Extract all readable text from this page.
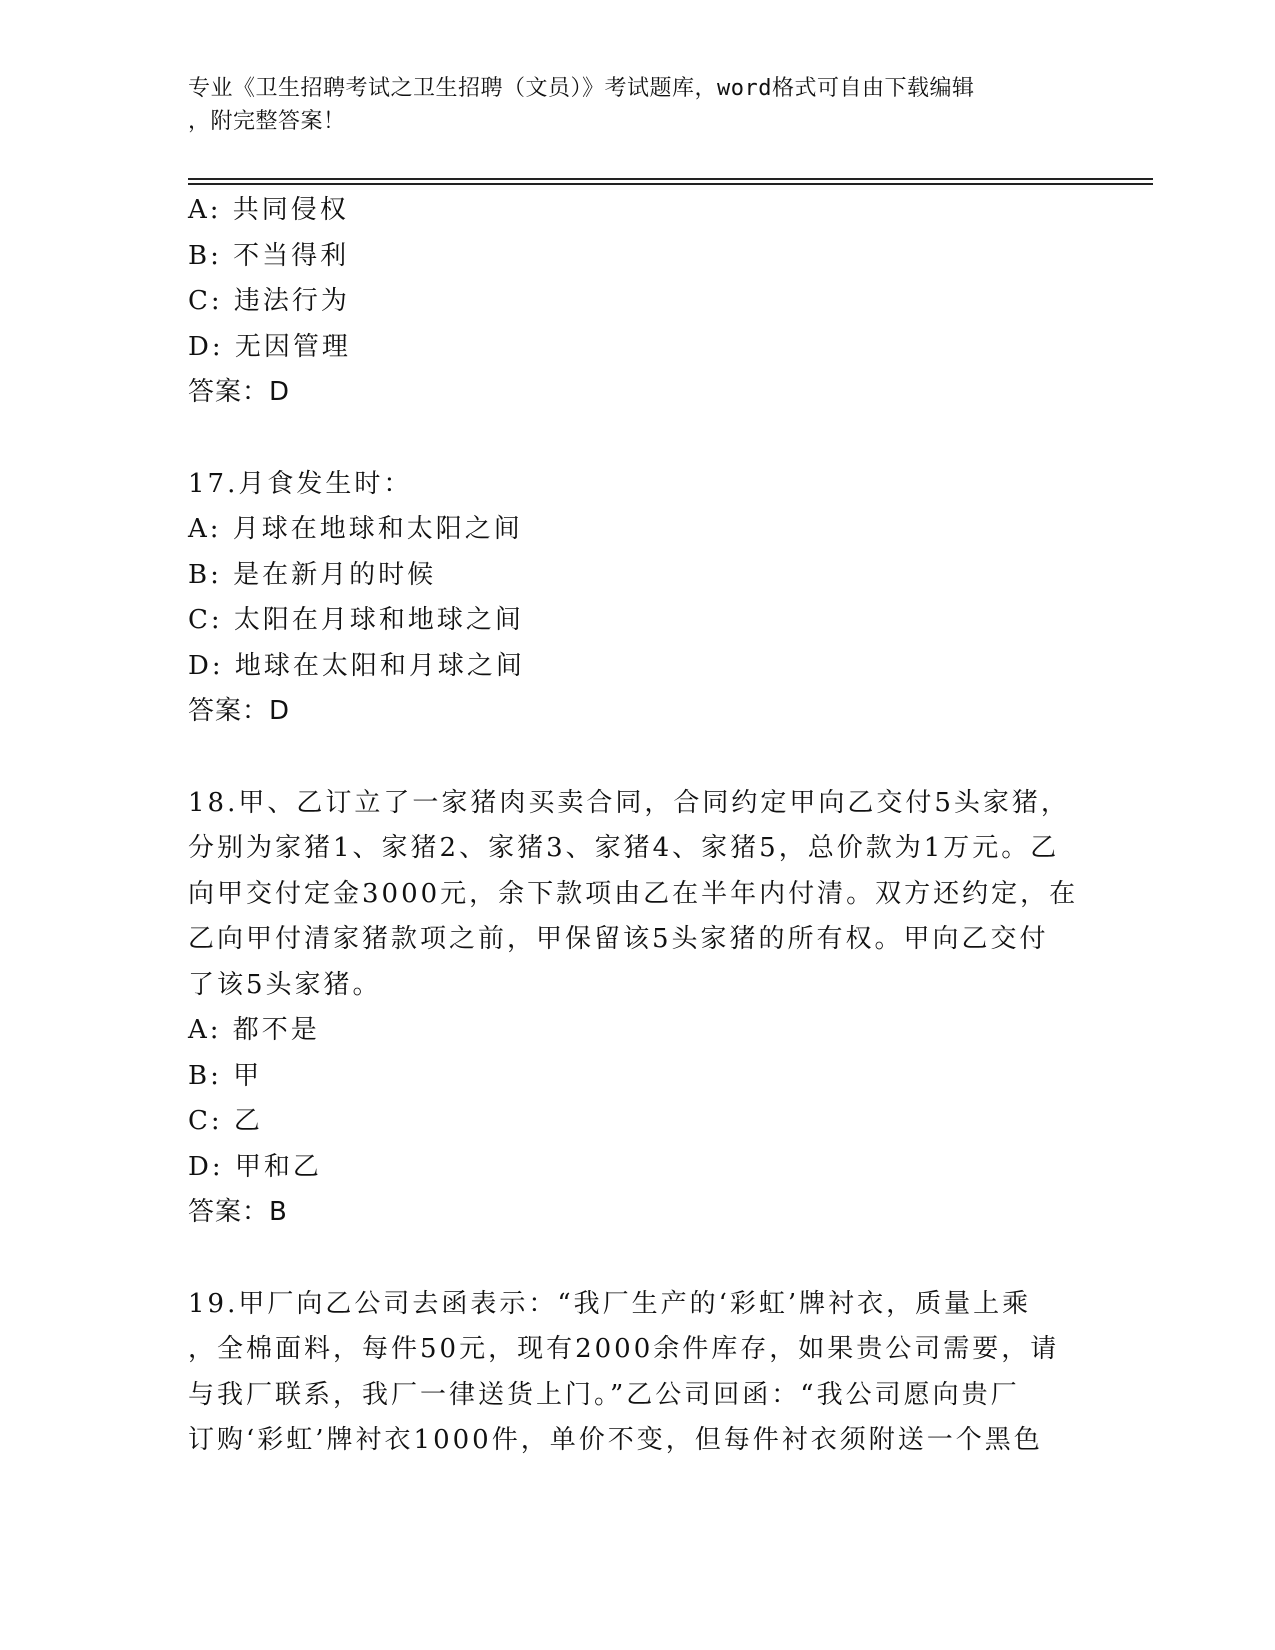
专业《卫生招聘考试之卫生招聘（文员）》考试题库，word格式可自由下载编辑
，附完整答案！
A: 共同侵权
B: 不当得利
C: 违法行为
D: 无因管理
答案：D
17.月食发生时：
A: 月球在地球和太阳之间
B: 是在新月的时候
C: 太阳在月球和地球之间
D: 地球在太阳和月球之间
答案：D
18.甲、乙订立了一家猪肉买卖合同，合同约定甲向乙交付5头家猪，
分别为家猪1、家猪2、家猪3、家猪4、家猪5，总价款为1万元。乙
向甲交付定金3000元，余下款项由乙在半年内付清。双方还约定，在
乙向甲付清家猪款项之前，甲保留该5头家猪的所有权。甲向乙交付
了该5头家猪。
A: 都不是
B: 甲
C: 乙
D: 甲和乙
答案：B
19.甲厂向乙公司去函表示：“我厂生产的‘彩虹’牌衬衣，质量上乘
，全棉面料，每件50元，现有2000余件库存，如果贵公司需要，请
与我厂联系，我厂一律送货上门。”乙公司回函：“我公司愿向贵厂
订购‘彩虹’牌衬衣1000件，单价不变，但每件衬衣须附送一个黑色
